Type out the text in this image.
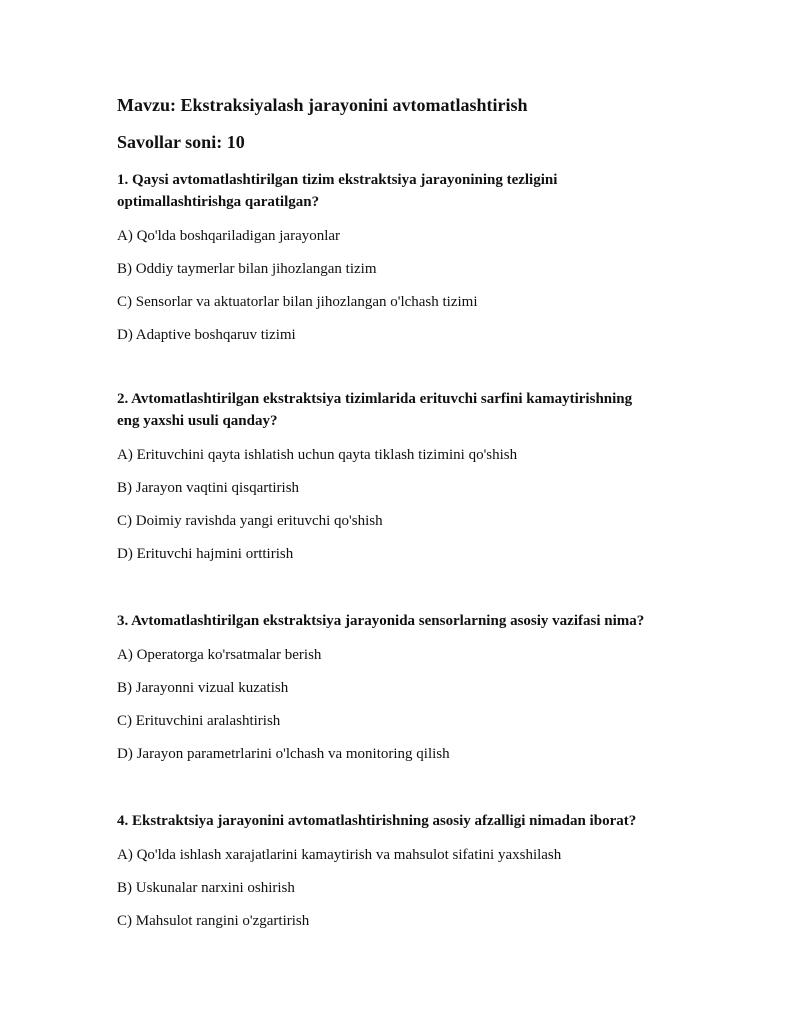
Mavzu: Ekstraksiyalash jarayonini avtomatlashtirish

Savollar soni: 10

1. Qaysi avtomatlashtirilgan tizim ekstraktsiya jarayonining tezligini
optimallashtirishga qaratilgan?

A) Qo'lda boshqariladigan jarayonlar

B) Oddiy taymerlar bilan jihozlangan tizim

C) Sensorlar va aktuatorlar bilan jihozlangan o'lchash tizimi

D) Adaptive boshqaruv tizimi

2. Avtomatlashtirilgan ekstraktsiya tizimlarida erituvchi sarfini kamaytirishning
eng yaxshi usuli qanday?

A) Erituvchini qayta ishlatish uchun qayta tiklash tizimini qo'shish

B) Jarayon vaqtini qisqartirish

C) Doimiy ravishda yangi erituvchi qo'shish

D) Erituvchi hajmini orttirish

3. Avtomatlashtirilgan ekstraktsiya jarayonida sensorlarning asosiy vazifasi nima?

A) Operatorga ko'rsatmalar berish

B) Jarayonni vizual kuzatish

C) Erituvchini aralashtirish

D) Jarayon parametrlarini o'lchash va monitoring qilish

4. Ekstraktsiya jarayonini avtomatlashtirishning asosiy afzalligi nimadan iborat?

A) Qo'lda ishlash xarajatlarini kamaytirish va mahsulot sifatini yaxshilash

B) Uskunalar narxini oshirish

C) Mahsulot rangini o'zgartirish
